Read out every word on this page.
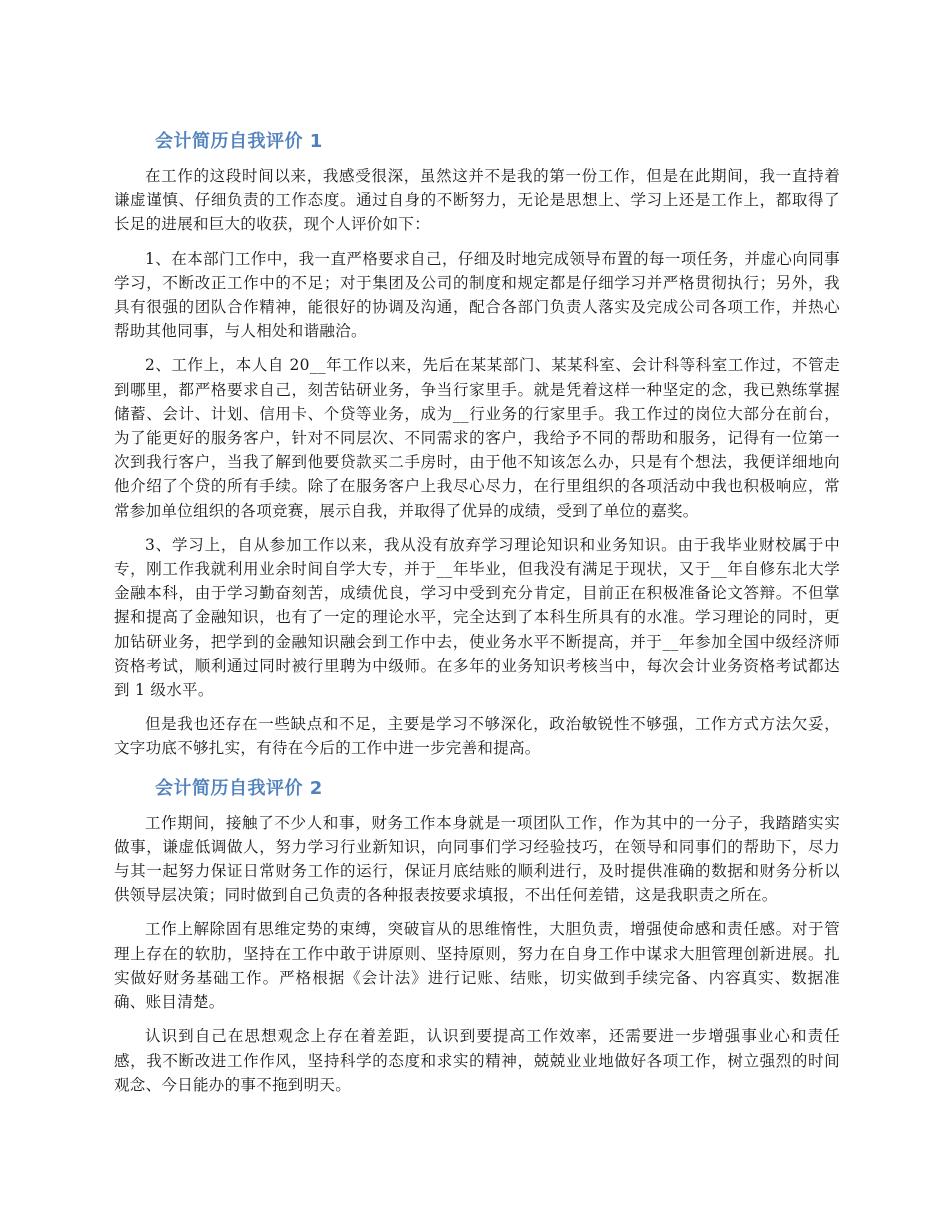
会计简历自我评价 1

在工作的这段时间以来，我感受很深，虽然这并不是我的第一份工作，但是在此期间，我一直持着谦虚谨慎、仔细负责的工作态度。通过自身的不断努力，无论是思想上、学习上还是工作上，都取得了长足的进展和巨大的收获，现个人评价如下：

1、在本部门工作中，我一直严格要求自己，仔细及时地完成领导布置的每一项任务，并虚心向同事学习，不断改正工作中的不足；对于集团及公司的制度和规定都是仔细学习并严格贯彻执行；另外，我具有很强的团队合作精神，能很好的协调及沟通，配合各部门负责人落实及完成公司各项工作，并热心帮助其他同事，与人相处和谐融洽。

2、工作上，本人自 20__年工作以来，先后在某某部门、某某科室、会计科等科室工作过，不管走到哪里，都严格要求自己，刻苦钻研业务，争当行家里手。就是凭着这样一种坚定的念，我已熟练掌握储蓄、会计、计划、信用卡、个贷等业务，成为__行业务的行家里手。我工作过的岗位大部分在前台，为了能更好的服务客户，针对不同层次、不同需求的客户，我给予不同的帮助和服务，记得有一位第一次到我行客户，当我了解到他要贷款买二手房时，由于他不知该怎么办，只是有个想法，我便详细地向他介绍了个贷的所有手续。除了在服务客户上我尽心尽力，在行里组织的各项活动中我也积极响应，常常参加单位组织的各项竞赛，展示自我，并取得了优异的成绩，受到了单位的嘉奖。

3、学习上，自从参加工作以来，我从没有放弃学习理论知识和业务知识。由于我毕业财校属于中专，刚工作我就利用业余时间自学大专，并于__年毕业，但我没有满足于现状，又于__年自修东北大学金融本科，由于学习勤奋刻苦，成绩优良，学习中受到充分肯定，目前正在积极准备论文答辩。不但掌握和提高了金融知识，也有了一定的理论水平，完全达到了本科生所具有的水准。学习理论的同时，更加钻研业务，把学到的金融知识融会到工作中去，使业务水平不断提高，并于__年参加全国中级经济师资格考试，顺利通过同时被行里聘为中级师。在多年的业务知识考核当中，每次会计业务资格考试都达到 1 级水平。

但是我也还存在一些缺点和不足，主要是学习不够深化，政治敏锐性不够强，工作方式方法欠妥，文字功底不够扎实，有待在今后的工作中进一步完善和提高。

会计简历自我评价 2

工作期间，接触了不少人和事，财务工作本身就是一项团队工作，作为其中的一分子，我踏踏实实做事，谦虚低调做人，努力学习行业新知识，向同事们学习经验技巧，在领导和同事们的帮助下，尽力与其一起努力保证日常财务工作的运行，保证月底结账的顺利进行，及时提供准确的数据和财务分析以供领导层决策；同时做到自己负责的各种报表按要求填报，不出任何差错，这是我职责之所在。

工作上解除固有思维定势的束缚，突破盲从的思维惰性，大胆负责，增强使命感和责任感。对于管理上存在的软肋，坚持在工作中敢于讲原则、坚持原则，努力在自身工作中谋求大胆管理创新进展。扎实做好财务基础工作。严格根据《会计法》进行记账、结账，切实做到手续完备、内容真实、数据准确、账目清楚。

认识到自己在思想观念上存在着差距，认识到要提高工作效率，还需要进一步增强事业心和责任感，我不断改进工作作风，坚持科学的态度和求实的精神，兢兢业业地做好各项工作，树立强烈的时间观念、今日能办的事不拖到明天。
